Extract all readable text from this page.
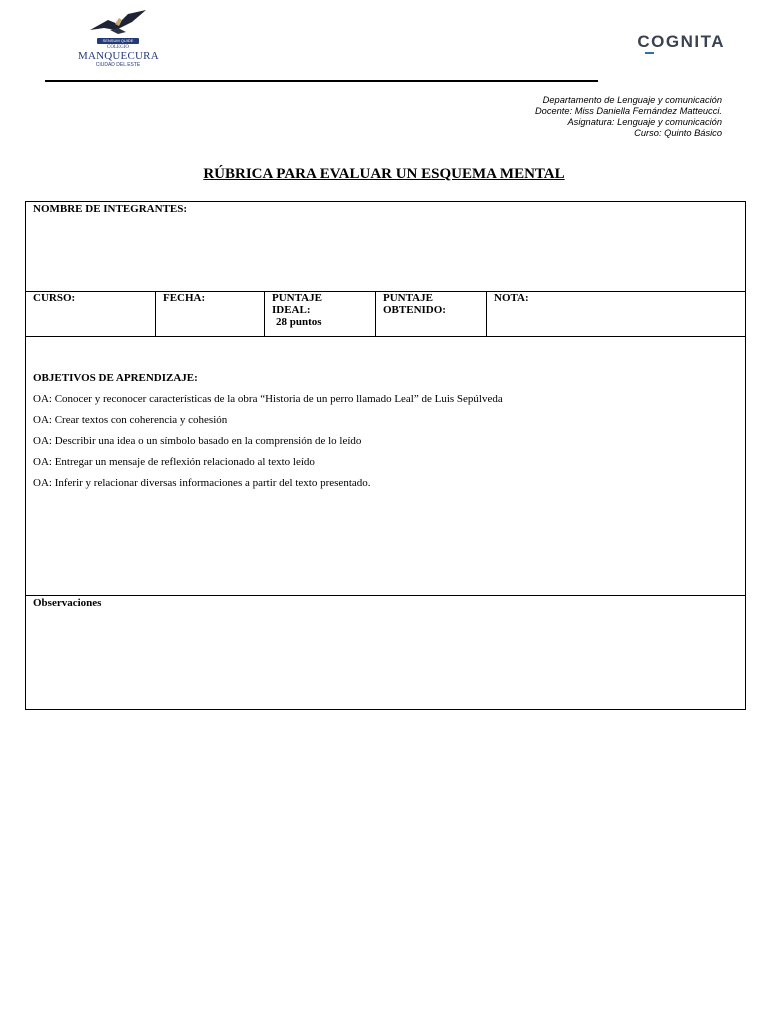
SENSUM QUIDE
COLEGIO
MANQUECURA
CIUDAD DEL ESTE
COGNITA
Departamento de Lenguaje y comunicación
Docente: Miss Daniella Fernández Matteucci.
Asignatura: Lenguaje y comunicación
Curso: Quinto Básico
RÚBRICA PARA EVALUAR UN ESQUEMA MENTAL
NOMBRE DE INTEGRANTES:
CURSO:	FECHA:	PUNTAJE IDEAL:
28 puntos
PUNTAJE OBTENIDO:
NOTA:
OBJETIVOS DE APRENDIZAJE:
OA: Conocer y reconocer características de la obra “Historia de un perro llamado Leal” de Luis Sepúlveda
OA: Crear textos con coherencia y cohesión
OA: Describir una idea o un símbolo basado en la comprensión de lo leído
OA: Entregar un mensaje de reflexión relacionado al texto leído
OA: Inferir y relacionar diversas informaciones a partir del texto presentado.
Observaciones
